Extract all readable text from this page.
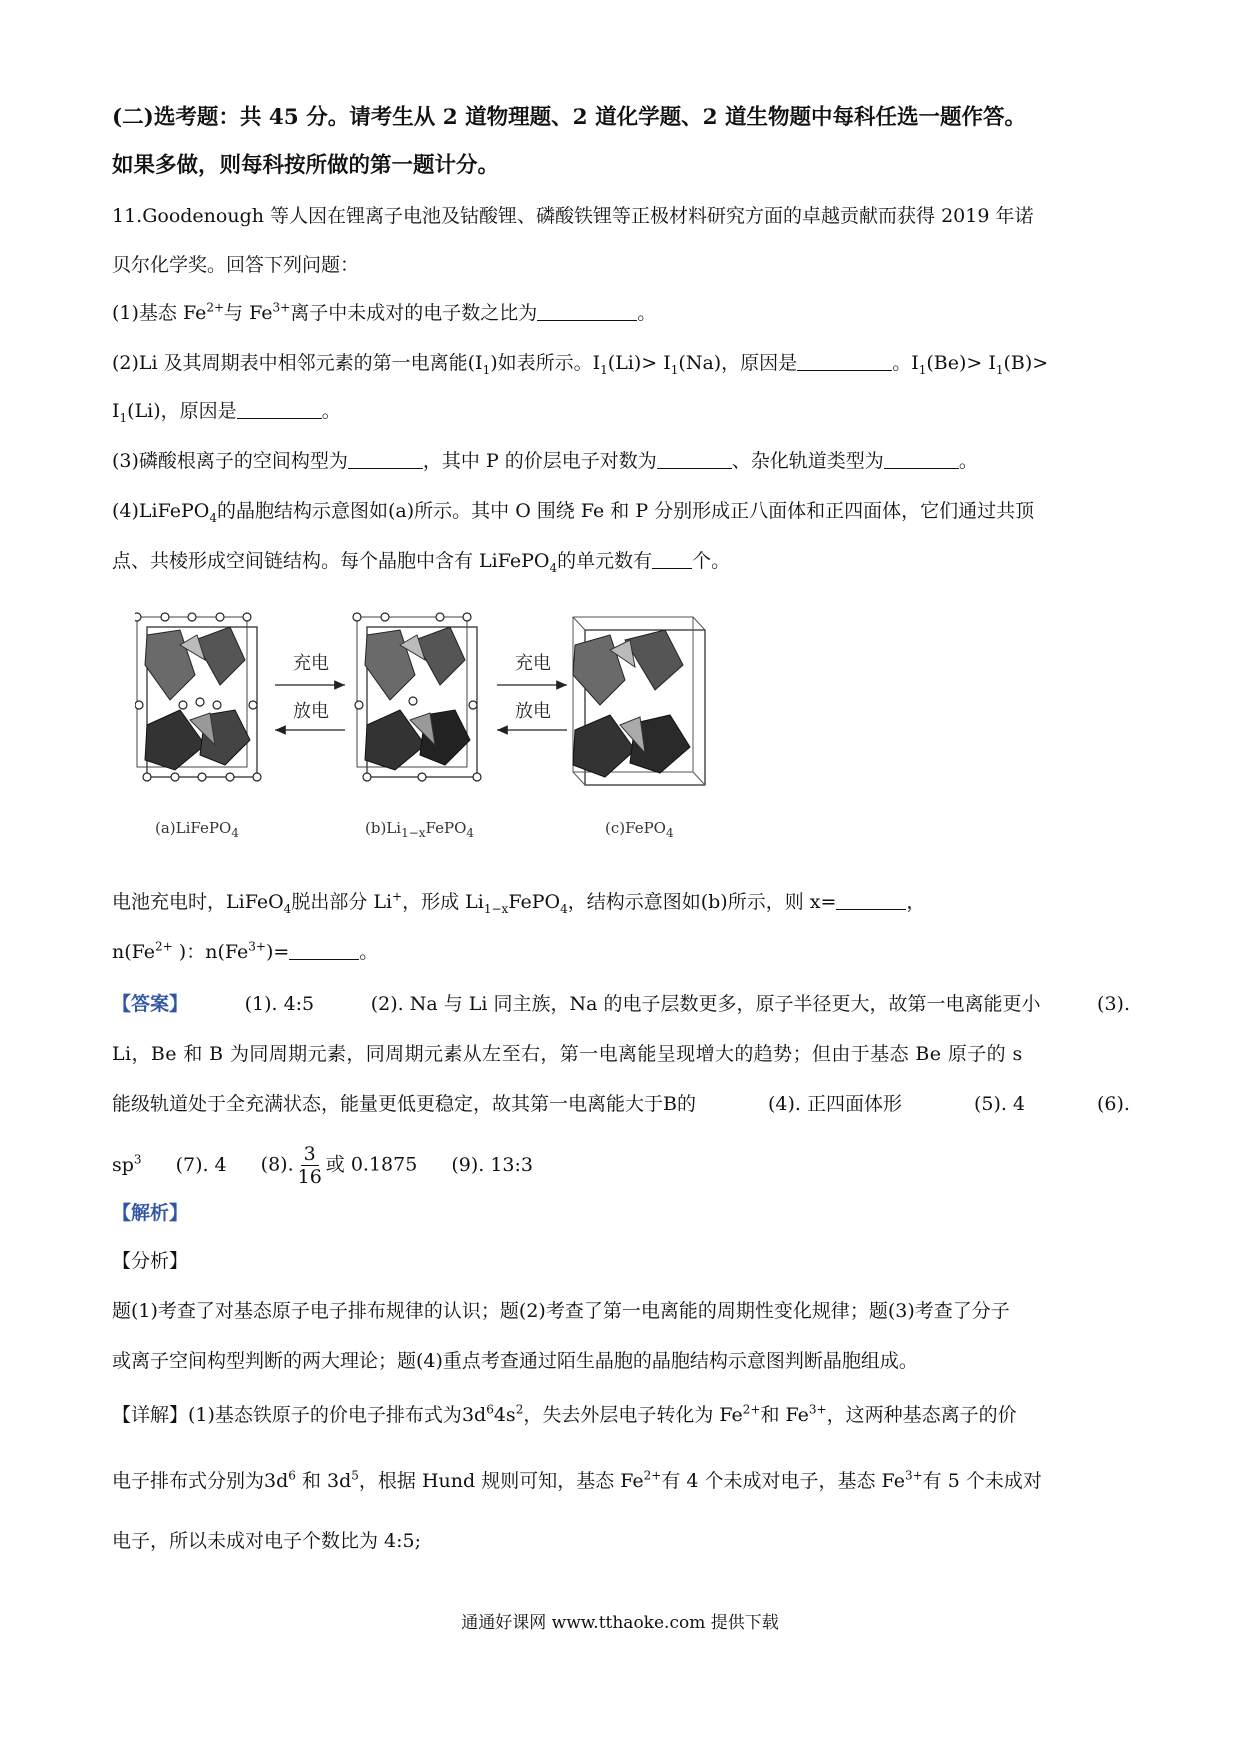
(二)选考题：共 45 分。请考生从 2 道物理题、2 道化学题、2 道生物题中每科任选一题作答。
如果多做，则每科按所做的第一题计分。
11.Goodenough 等人因在锂离子电池及钴酸锂、磷酸铁锂等正极材料研究方面的卓越贡献而获得 2019 年诺
贝尔化学奖。回答下列问题：
(1)基态 $Fe^{2+}$与 $Fe^{3+}$离子中未成对的电子数之比为	。
(2)Li 及其周期表中相邻元素的第一电离能$(I_1)$如表所示。$I_1(Li)> I_1(Na)$，原因是	。$I_1(Be)> I_1(B)>$
$I_1(Li)$，原因是	。
(3)磷酸根离子的空间构型为	，其中 P 的价层电子对数为	、杂化轨道类型为	。
(4)LiFePO$_4$的晶胞结构示意图如(a)所示。其中 O 围绕 Fe 和 P 分别形成正八面体和正四面体，它们通过共顶
点、共棱形成空间链结构。每个晶胞中含有 LiFePO$_4$的单元数有 个。
充电
放电
充电
放电
(a)LiFePO$_4$	$(b)Li_{1-x}FePO_4$	(c)FePO$_4$
电池充电时，LiFeO$_4$脱出部分 Li+，形成 $Li_{1-x}FePO_4$，结构示意图如(b)所示，则 x=	，
$n(Fe^{2+}$ )：$n(Fe^{3+})=$	。
【答案】	(1). 4:5	(2). Na 与 Li 同主族，Na 的电子层数更多，原子半径更大，故第一电离能更小	(3).
Li，Be 和 B 为同周期元素，同周期元素从左至右，第一电离能呈现增大的趋势；但由于基态 Be 原子的 s
能级轨道处于全充满状态，能量更低更稳定，故其第一电离能大于B的	(4). 正四面体形	(5). 4	(6).
$sp^3$ (7). 4 (8). $\frac{3}{16}$ 或 0.1875 (9). 13:3
【解析】
【分析】
题(1)考查了对基态原子电子排布规律的认识；题(2)考查了第一电离能的周期性变化规律；题(3)考查了分子
或离子空间构型判断的两大理论；题(4)重点考查通过陌生晶胞的晶胞结构示意图判断晶胞组成。
【详解】(1)基态铁原子的价电子排布式为$3d^64s^2$，失去外层电子转化为 $Fe^{2+}$和 $Fe^{3+}$，这两种基态离子的价
电子排布式分别为$3d^6$ 和 $3d^5$，根据 Hund 规则可知，基态 $Fe^{2+}$有 4 个未成对电子，基态 $Fe^{3+}$有 5 个未成对
电子，所以未成对电子个数比为 4:5;
通通好课网 www.tthaoke.com 提供下载
